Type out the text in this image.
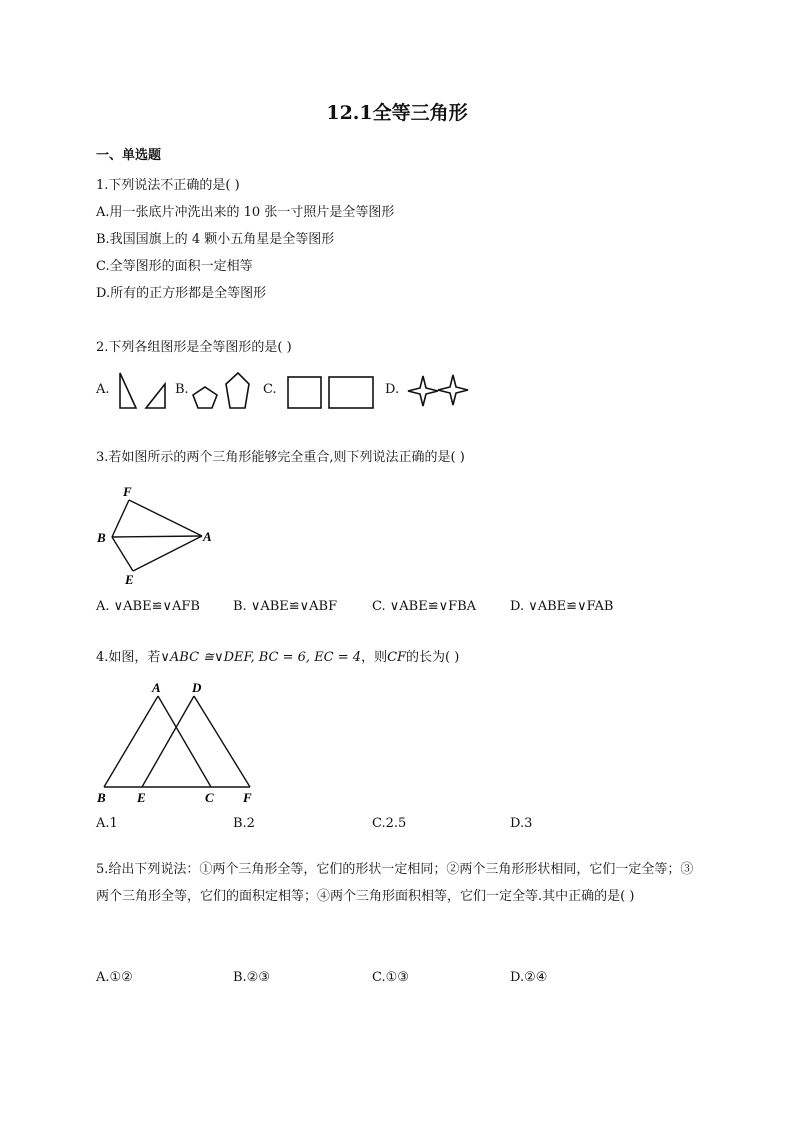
12.1全等三角形
一、单选题
1.下列说法不正确的是( )
A.用一张底片冲洗出来的 10 张一寸照片是全等图形
B.我国国旗上的 4 颗小五角星是全等图形
C.全等图形的面积一定相等
D.所有的正方形都是全等图形
2.下列各组图形是全等图形的是( )
A.	B.	C.	D.
3.若如图所示的两个三角形能够完全重合,则下列说法正确的是( )
F
B	A
E
A. ∨ABE≌∨AFB	B. ∨ABE≌∨ABF	C. ∨ABE≌∨FBA	D. ∨ABE≌∨FAB
4.如图，若∨ABC ≅∨DEF, BC = 6, EC = 4，则CF的长为( )
A D
B E	C F
A.1	B.2	C.2.5	D.3
5.给出下列说法：①两个三角形全等，它们的形状一定相同；②两个三角形形状相同，它们一定全等；③两个三角形全等，它们的面积定相等；④两个三角形面积相等，它们一定全等.其中正确的是( )
A.①②	B.②③	C.①③	D.②④
